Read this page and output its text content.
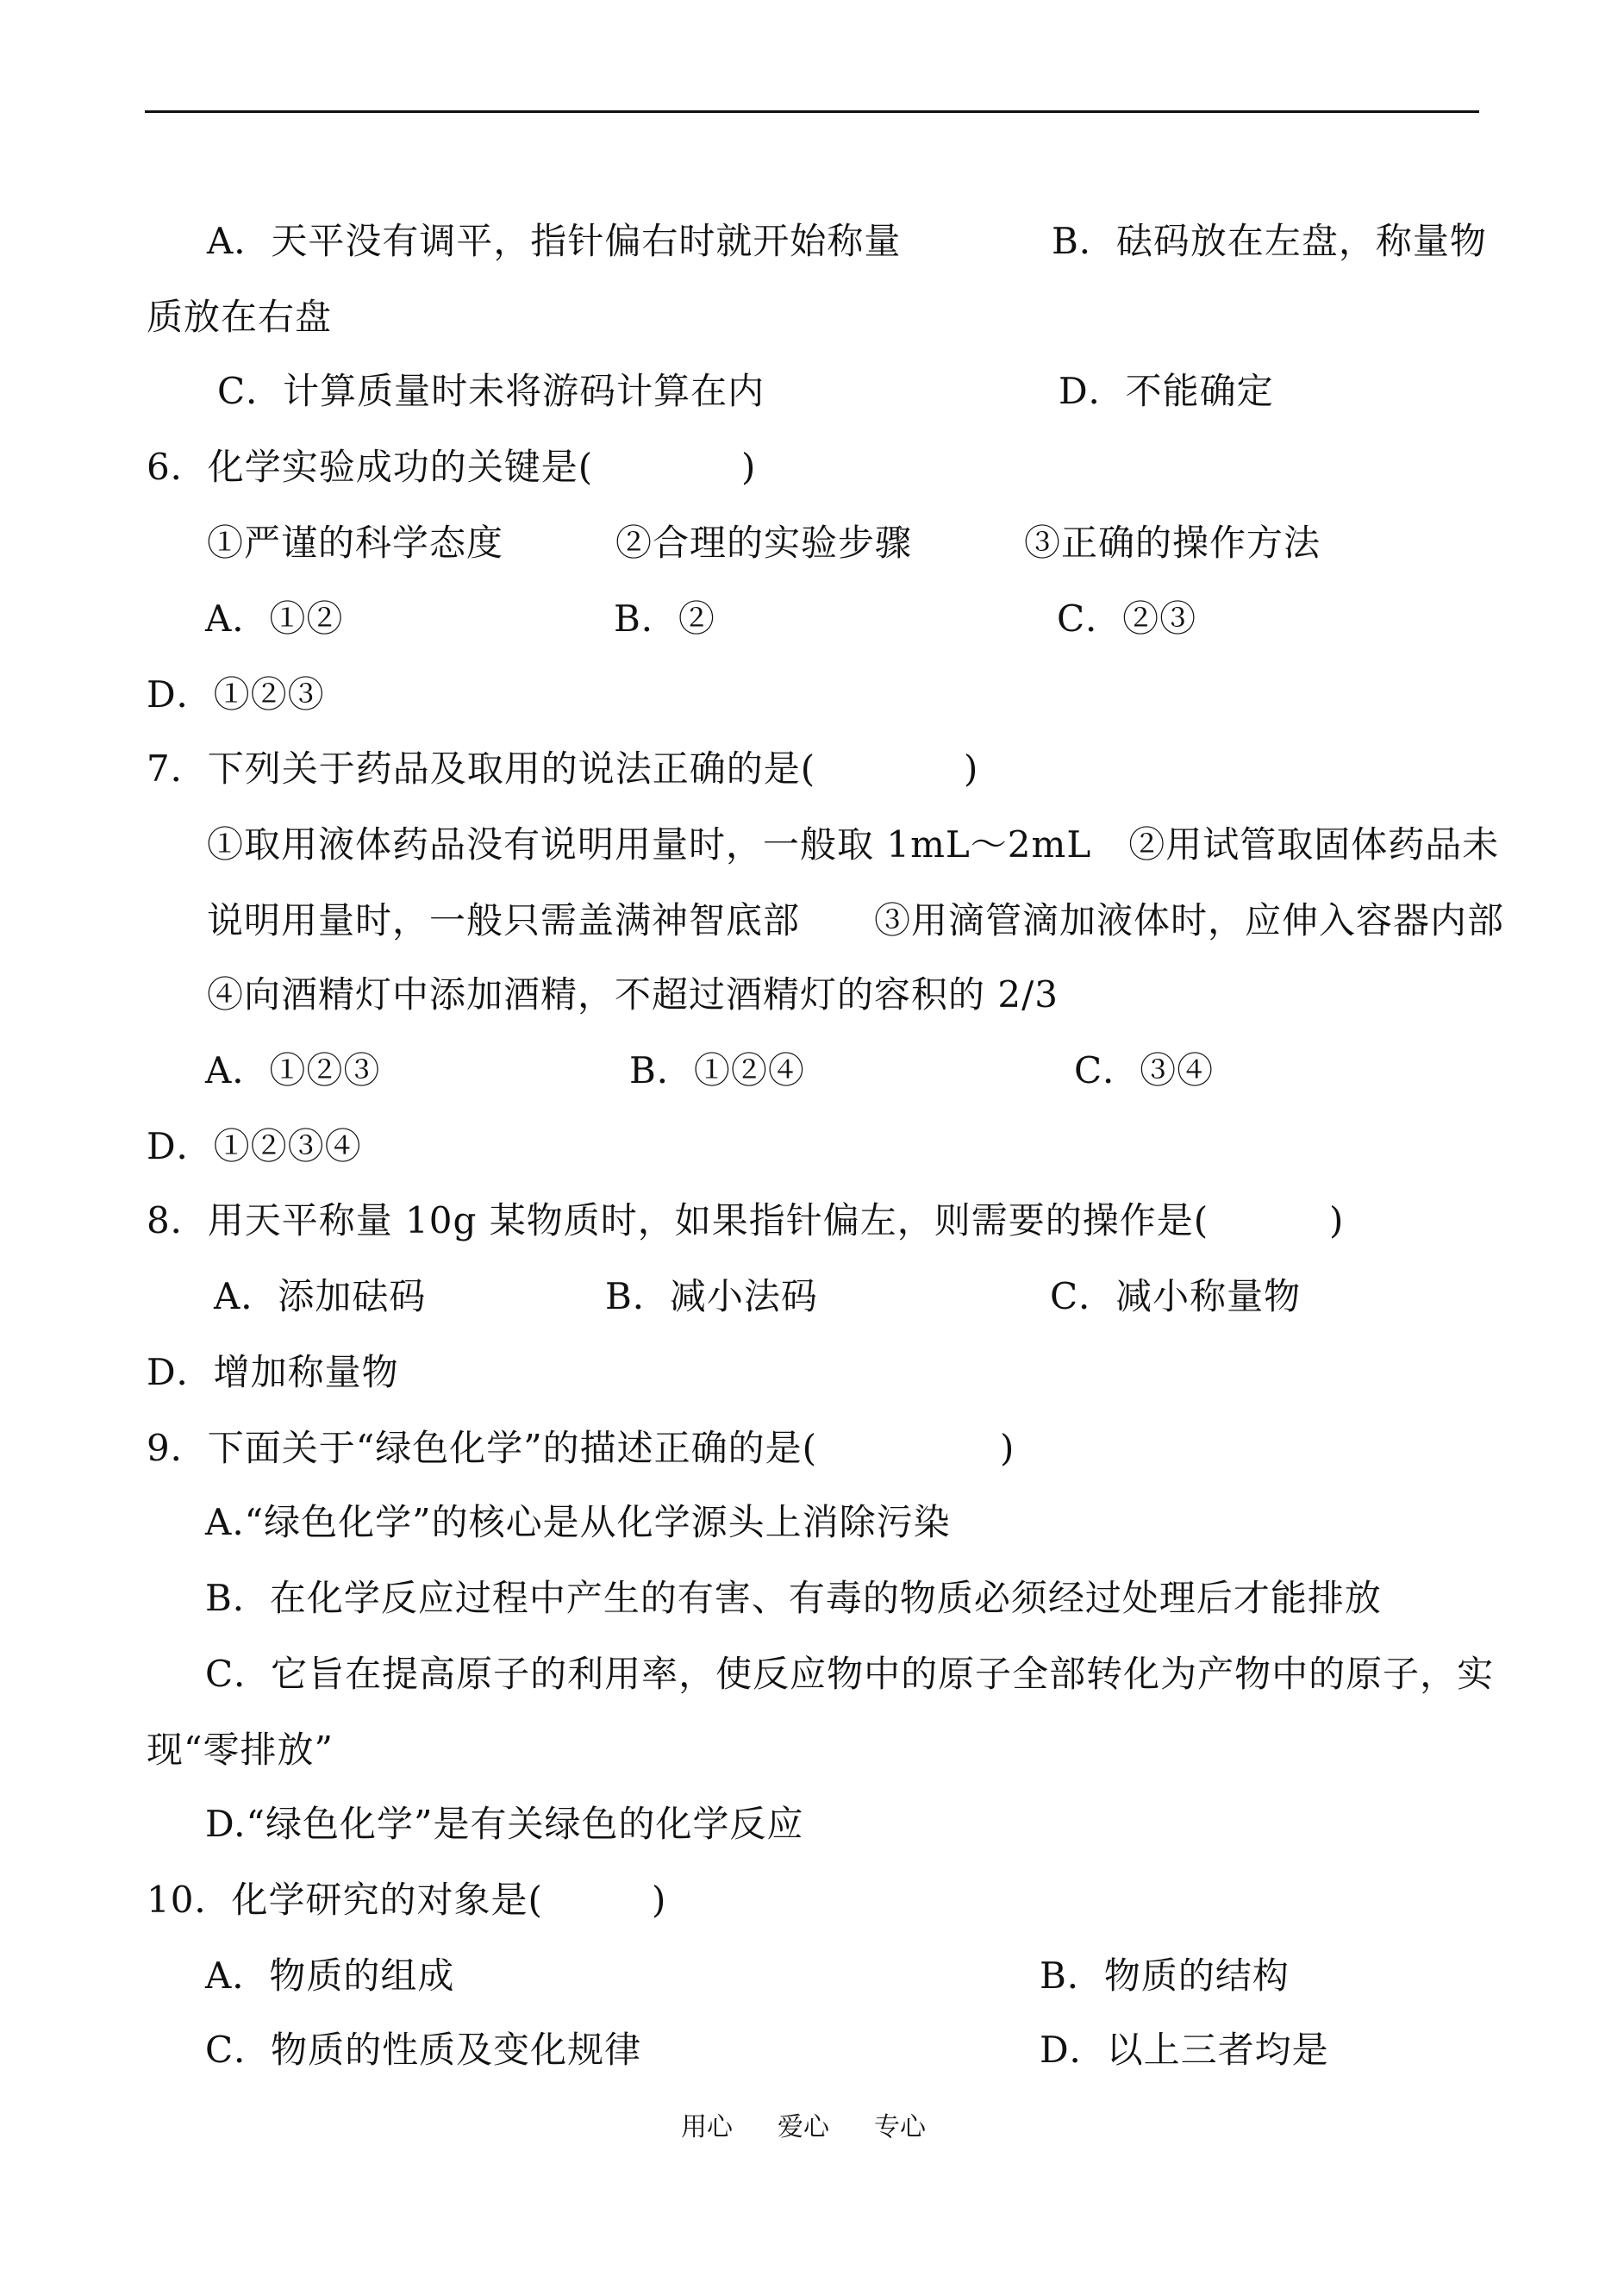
A．天平没有调平，指针偏右时就开始称量	B．砝码放在左盘，称量物
质放在右盘
C．计算质量时未将游码计算在内	D．不能确定
6．化学实验成功的关键是(	)
①严谨的科学态度	②合理的实验步骤	③正确的操作方法
A．①②	B．②	C．②③
D．①②③
7．下列关于药品及取用的说法正确的是(	)
①取用液体药品没有说明用量时，一般取 1mL～2mL　②用试管取固体药品未
说明用量时，一般只需盖满神智底部　　③用滴管滴加液体时，应伸入容器内部
④向酒精灯中添加酒精，不超过酒精灯的容积的 2/3
A．①②③	B．①②④	C．③④
D．①②③④
8．用天平称量 10g 某物质时，如果指针偏左，则需要的操作是(	)
A．添加砝码	B．减小法码	C．减小称量物
D．增加称量物
9．下面关于“绿色化学”的描述正确的是(	)
A.“绿色化学”的核心是从化学源头上消除污染
B．在化学反应过程中产生的有害、有毒的物质必须经过处理后才能排放
C．它旨在提高原子的利用率，使反应物中的原子全部转化为产物中的原子，实
现“零排放”
D.“绿色化学”是有关绿色的化学反应
10．化学研究的对象是(	)
A．物质的组成	B．物质的结构
C．物质的性质及变化规律	D．以上三者均是
用心 爱心 专心
